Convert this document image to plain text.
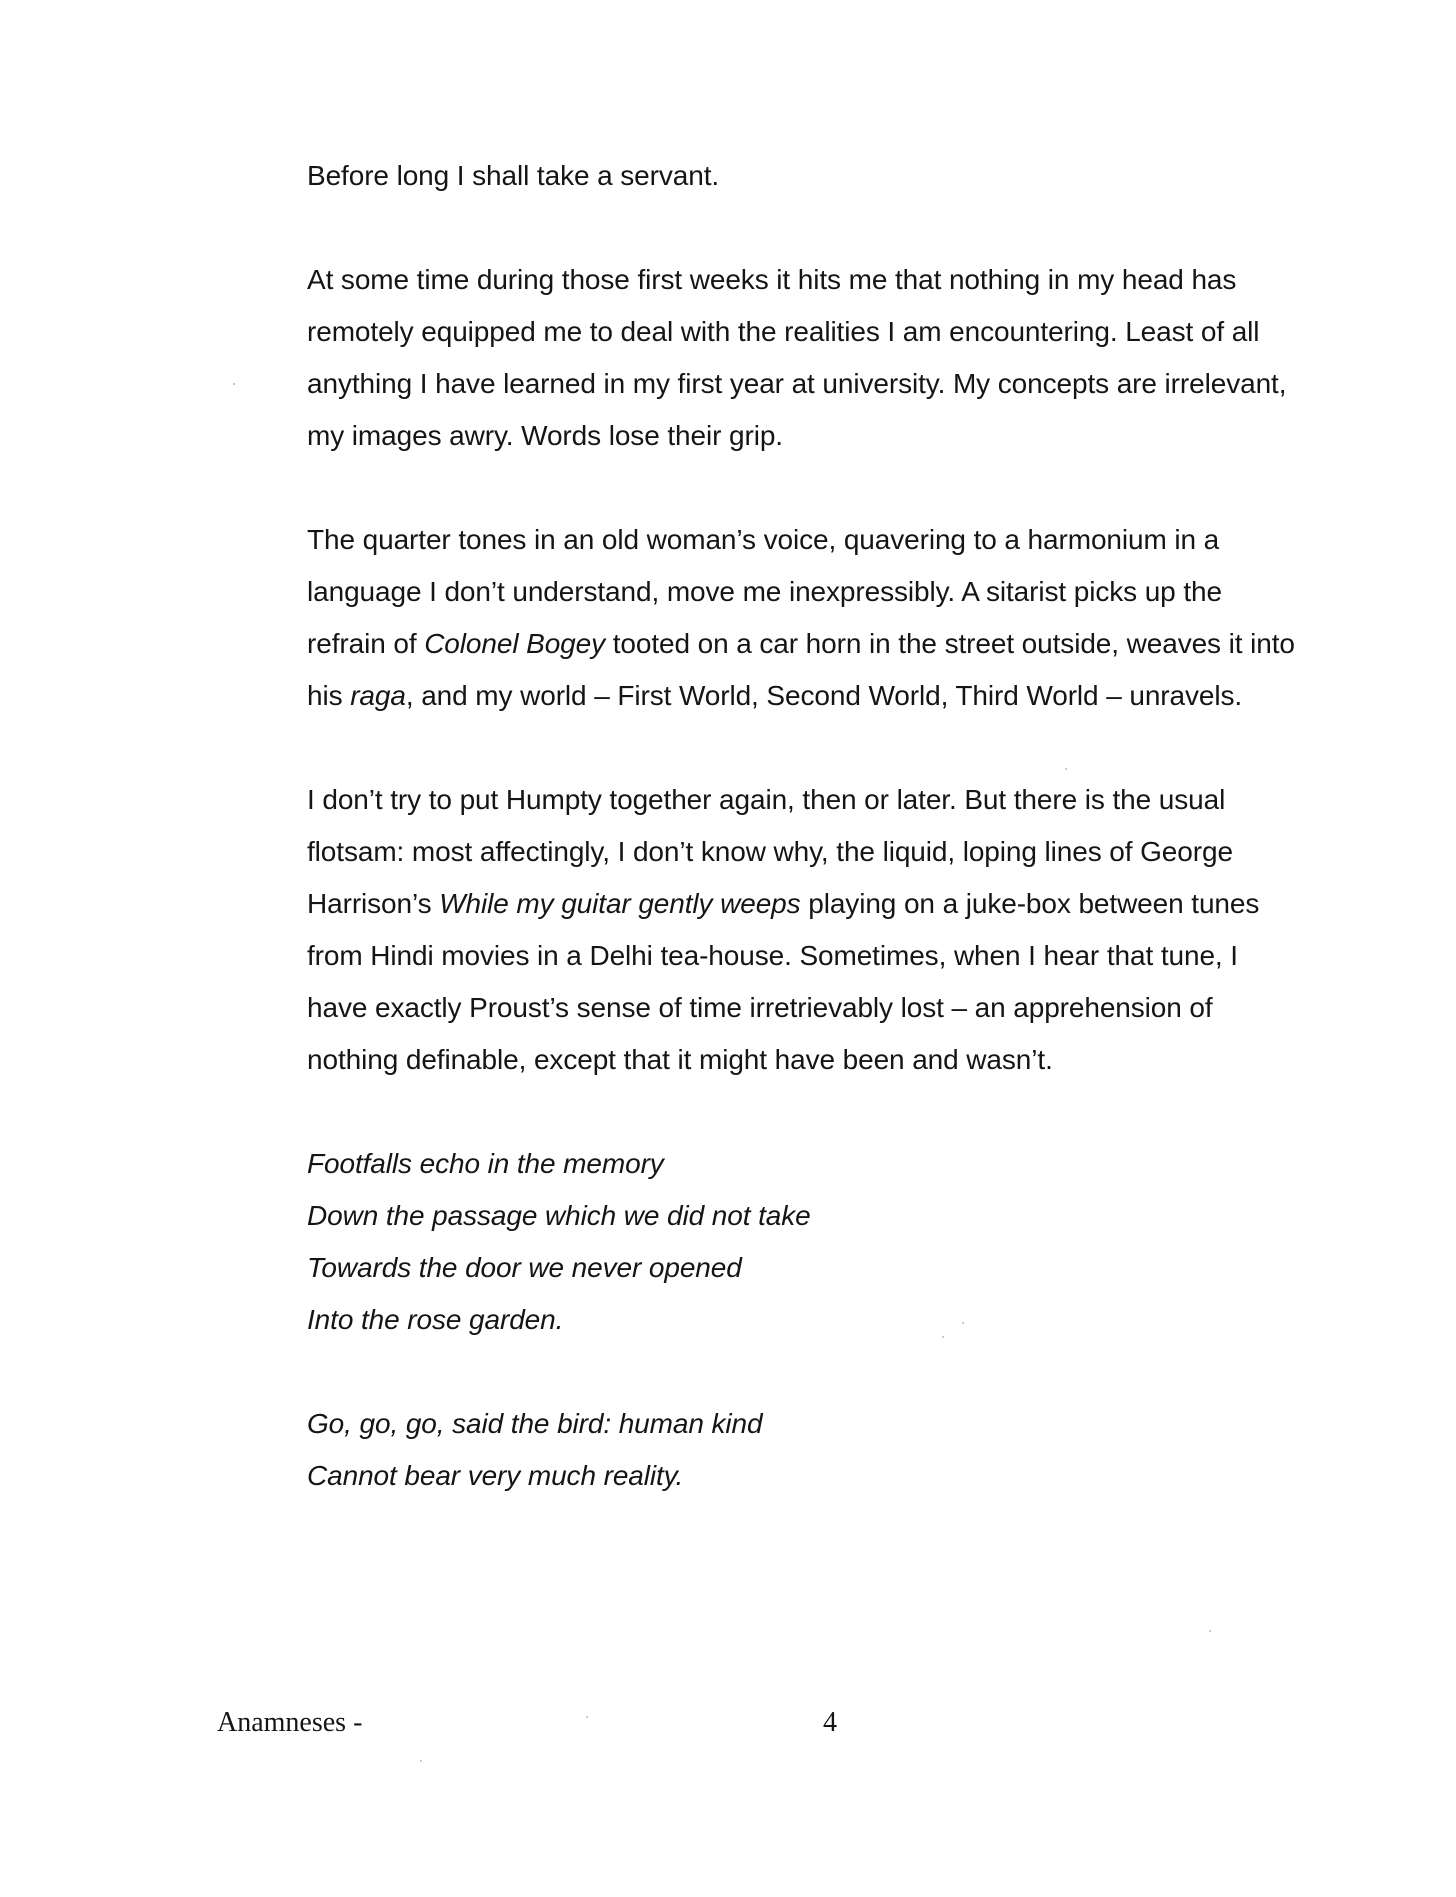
Before long I shall take a servant.
At some time during those first weeks it hits me that nothing in my head has
remotely equipped me to deal with the realities I am encountering. Least of all
anything I have learned in my first year at university. My concepts are irrelevant,
my images awry. Words lose their grip.
The quarter tones in an old woman’s voice, quavering to a harmonium in a
language I don’t understand, move me inexpressibly. A sitarist picks up the
refrain of Colonel Bogey tooted on a car horn in the street outside, weaves it into
his raga, and my world – First World, Second World, Third World – unravels.
I don’t try to put Humpty together again, then or later. But there is the usual
flotsam: most affectingly, I don’t know why, the liquid, loping lines of George
Harrison’s While my guitar gently weeps playing on a juke-box between tunes
from Hindi movies in a Delhi tea-house. Sometimes, when I hear that tune, I
have exactly Proust’s sense of time irretrievably lost – an apprehension of
nothing definable, except that it might have been and wasn’t.
Footfalls echo in the memory
Down the passage which we did not take
Towards the door we never opened
Into the rose garden.
Go, go, go, said the bird: human kind
Cannot bear very much reality.
Anamneses -	4
